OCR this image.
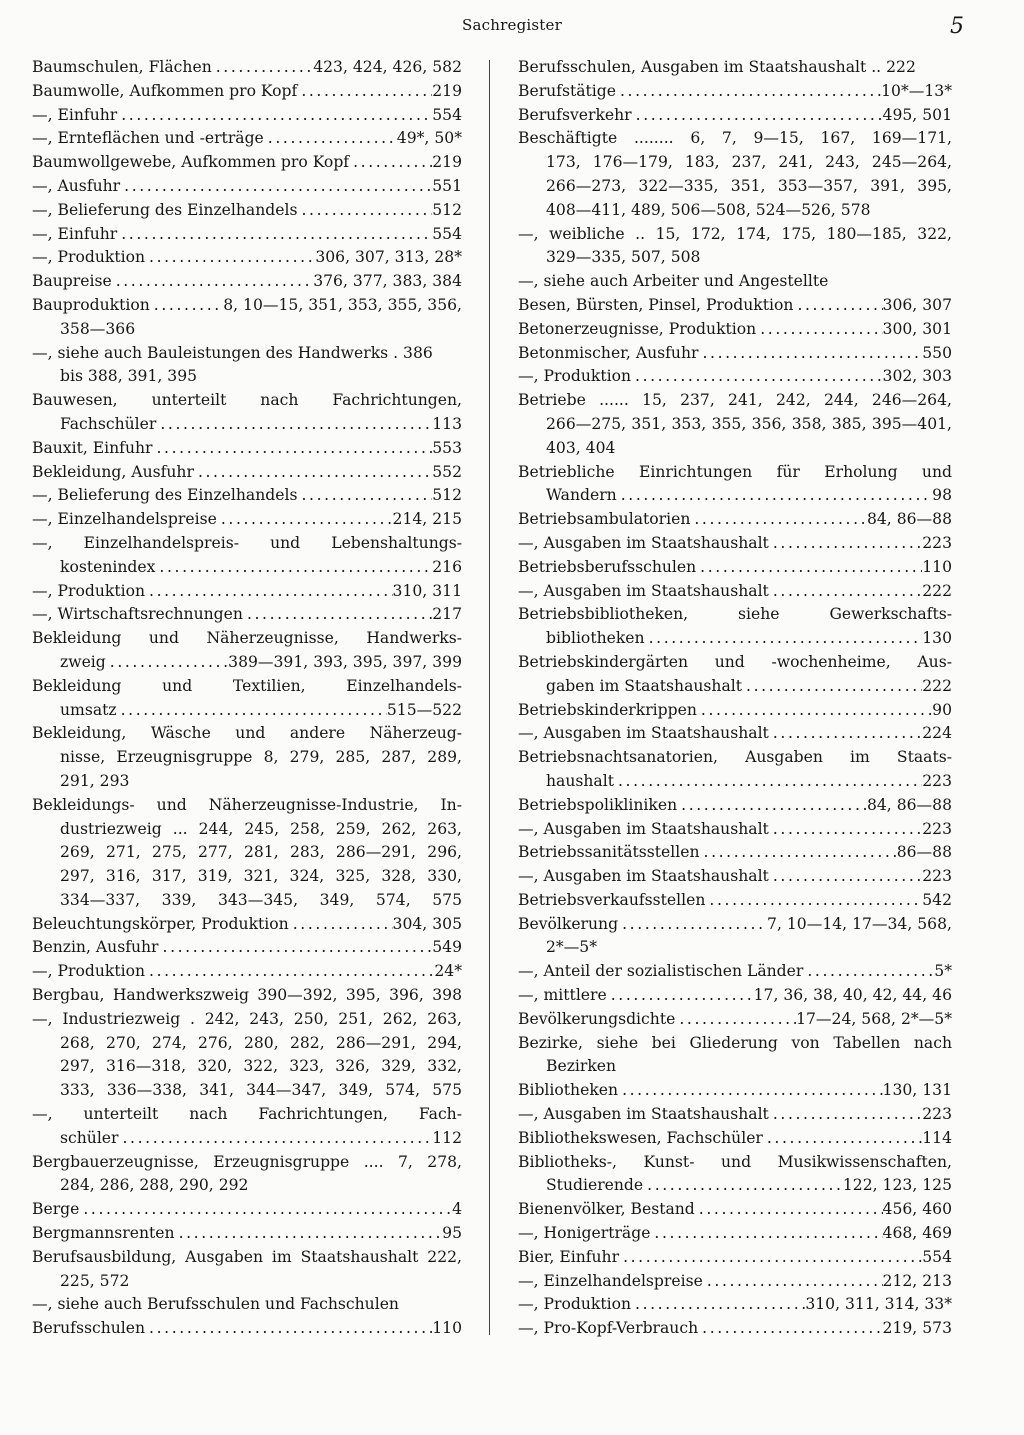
Sachregister	5
Baumschulen, Flächen .....	423, 424, 426, 582
Baumwolle, Aufkommen pro Kopf .....	219
—, Einfuhr .....	554
—, Ernteflächen und -erträge .....	49*, 50*
Baumwollgewebe, Aufkommen pro Kopf .....	219
—, Ausfuhr .....	551
—, Belieferung des Einzelhandels .....	512
—, Einfuhr .....	554
—, Produktion .....	306, 307, 313, 28*
Baupreise .....	376, 377, 383, 384
Bauproduktion .....	8, 10—15, 351, 353, 355, 356,
358—366
—, siehe auch Bauleistungen des Handwerks . 386
bis 388, 391, 395
Bauwesen, unterteilt nach Fachrichtungen,
Fachschüler .....	113
Bauxit, Einfuhr .....	553
Bekleidung, Ausfuhr .....	552
—, Belieferung des Einzelhandels .....	512
—, Einzelhandelspreise .....	214, 215
—, Einzelhandelspreis- und Lebenshaltungs-
kostenindex .....	216
—, Produktion .....	310, 311
—, Wirtschaftsrechnungen .....	217
Bekleidung und Näherzeugnisse, Handwerks-
zweig .....	389—391, 393, 395, 397, 399
Bekleidung und Textilien, Einzelhandels-
umsatz .....	515—522
Bekleidung, Wäsche und andere Näherzeug-
nisse, Erzeugnisgruppe 8, 279, 285, 287, 289,
291, 293
Bekleidungs- und Näherzeugnisse-Industrie, In-
dustriezweig ... 244, 245, 258, 259, 262, 263,
269, 271, 275, 277, 281, 283, 286—291, 296,
297, 316, 317, 319, 321, 324, 325, 328, 330,
334—337, 339, 343—345, 349, 574, 575
Beleuchtungskörper, Produktion .....	304, 305
Benzin, Ausfuhr .....	549
—, Produktion .....	24*
Bergbau, Handwerkszweig 390—392, 395, 396, 398
—, Industriezweig . 242, 243, 250, 251, 262, 263,
268, 270, 274, 276, 280, 282, 286—291, 294,
297, 316—318, 320, 322, 323, 326, 329, 332,
333, 336—338, 341, 344—347, 349, 574, 575
—, unterteilt nach Fachrichtungen, Fach-
schüler .....	112
Bergbauerzeugnisse, Erzeugnisgruppe .... 7, 278,
284, 286, 288, 290, 292
Berge .....	4
Bergmannsrenten .....	95
Berufsausbildung, Ausgaben im Staatshaushalt 222,
225, 572
—, siehe auch Berufsschulen und Fachschulen
Berufsschulen .....	110
Berufsschulen, Ausgaben im Staatshaushalt .. 222
Berufstätige .....	10*—13*
Berufsverkehr .....	495, 501
Beschäftigte ........ 6, 7, 9—15, 167, 169—171,
173, 176—179, 183, 237, 241, 243, 245—264,
266—273, 322—335, 351, 353—357, 391, 395,
408—411, 489, 506—508, 524—526, 578
—, weibliche .. 15, 172, 174, 175, 180—185, 322,
329—335, 507, 508
—, siehe auch Arbeiter und Angestellte
Besen, Bürsten, Pinsel, Produktion .....	306, 307
Betonerzeugnisse, Produktion .....	300, 301
Betonmischer, Ausfuhr .....	550
—, Produktion .....	302, 303
Betriebe ...... 15, 237, 241, 242, 244, 246—264,
266—275, 351, 353, 355, 356, 358, 385, 395—401,
403, 404
Betriebliche Einrichtungen für Erholung und
Wandern .....	98
Betriebsambulatorien .....	84, 86—88
—, Ausgaben im Staatshaushalt .....	223
Betriebsberufsschulen .....	110
—, Ausgaben im Staatshaushalt .....	222
Betriebsbibliotheken, siehe Gewerkschafts-
bibliotheken .....	130
Betriebskindergärten und -wochenheime, Aus-
gaben im Staatshaushalt .....	222
Betriebskinderkrippen .....	90
—, Ausgaben im Staatshaushalt .....	224
Betriebsnachtsanatorien, Ausgaben im Staats-
haushalt .....	223
Betriebspolikliniken .....	84, 86—88
—, Ausgaben im Staatshaushalt .....	223
Betriebssanitätsstellen .....	86—88
—, Ausgaben im Staatshaushalt .....	223
Betriebsverkaufsstellen .....	542
Bevölkerung .....	7, 10—14, 17—34, 568,
2*—5*
—, Anteil der sozialistischen Länder .....	5*
—, mittlere .....	17, 36, 38, 40, 42, 44, 46
Bevölkerungsdichte .....	17—24, 568, 2*—5*
Bezirke, siehe bei Gliederung von Tabellen nach
Bezirken
Bibliotheken .....	130, 131
—, Ausgaben im Staatshaushalt .....	223
Bibliothekswesen, Fachschüler .....	114
Bibliotheks-, Kunst- und Musikwissenschaften,
Studierende .....	122, 123, 125
Bienenvölker, Bestand .....	456, 460
—, Honigerträge .....	468, 469
Bier, Einfuhr .....	554
—, Einzelhandelspreise .....	212, 213
—, Produktion .....	310, 311, 314, 33*
—, Pro-Kopf-Verbrauch .....	219, 573
